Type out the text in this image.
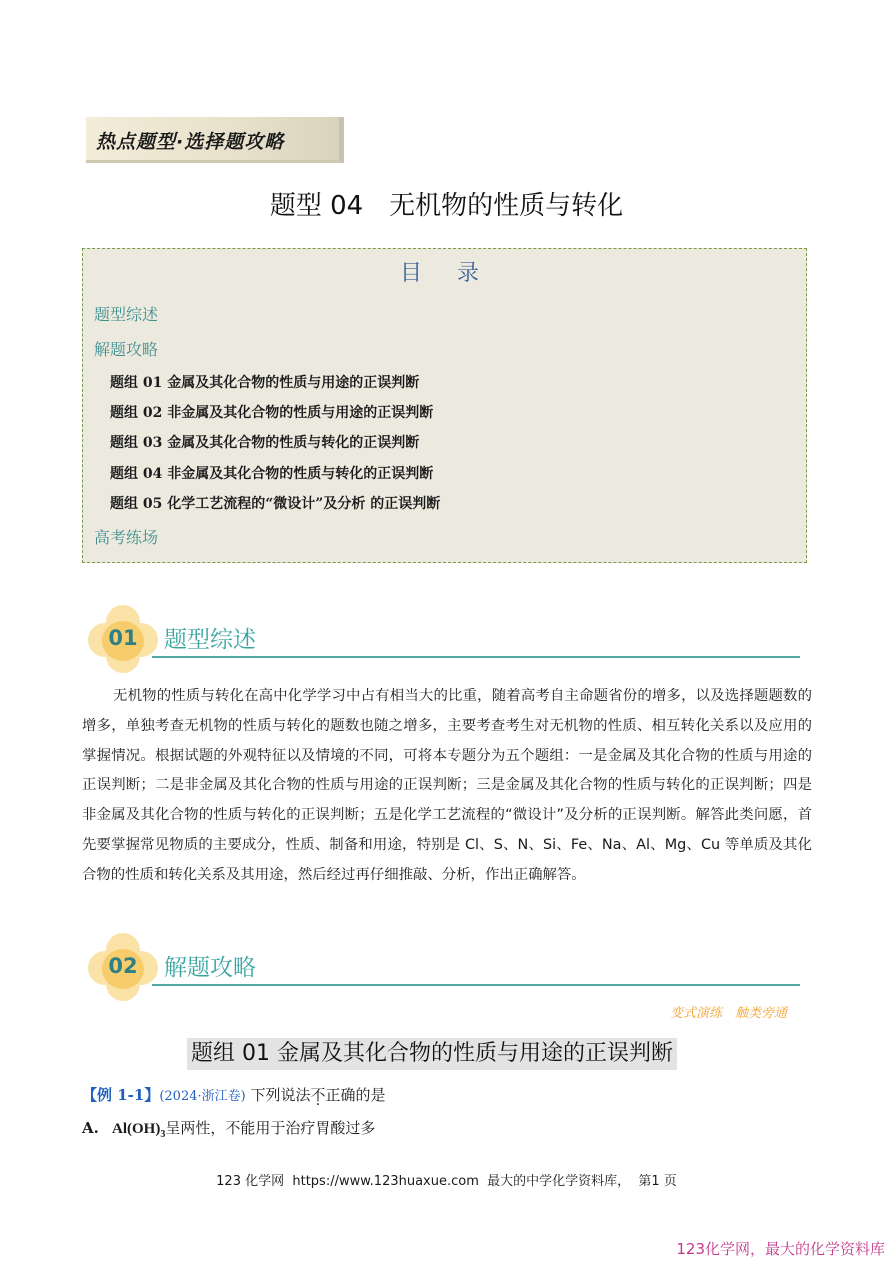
热点题型·选择题攻略
题型 04　无机物的性质与转化
目 录
题型综述
解题攻略
题组 01 金属及其化合物的性质与用途的正误判断
题组 02 非金属及其化合物的性质与用途的正误判断
题组 03 金属及其化合物的性质与转化的正误判断
题组 04 非金属及其化合物的性质与转化的正误判断
题组 05 化学工艺流程的“微设计”及分析 的正误判断
高考练场
01	题型综述

无机物的性质与转化在高中化学学习中占有相当大的比重，随着高考自主命题省份的增多，以及选择题题数的增多，单独考查无机物的性质与转化的题数也随之增多，主要考查考生对无机物的性质、相互转化关系以及应用的掌握情况。根据试题的外观特征以及情境的不同，可将本专题分为五个题组：一是金属及其化合物的性质与用途的正误判断；二是非金属及其化合物的性质与用途的正误判断；三是金属及其化合物的性质与转化的正误判断；四是非金属及其化合物的性质与转化的正误判断；五是化学工艺流程的“微设计”及分析的正误判断。解答此类问愿，首先要掌握常见物质的主要成分，性质、制备和用途，特别是 Cl、S、N、Si、Fe、Na、Al、Mg、Cu 等单质及其化合物的性质和转化关系及其用途，然后经过再仔细推敲、分析，作出正确解答。

02	解题攻略
变式演练　触类旁通
题组 01 金属及其化合物的性质与用途的正误判断
【例 1-1】(2024·浙江卷) 下列说法不正确的是
A. $Al(OH)_3$呈两性，不能用于治疗胃酸过多
123 化学网  https://www.123huaxue.com  最大的中学化学资料库，  第1 页
123化学网，最大的化学资料库
